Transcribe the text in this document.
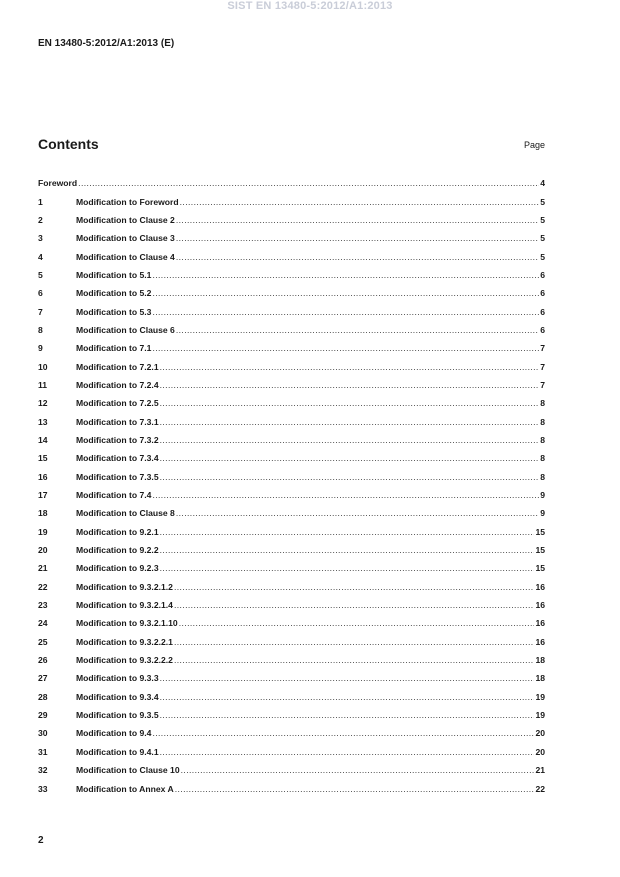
SIST EN 13480-5:2012/A1:2013
EN 13480-5:2012/A1:2013 (E)
Contents	Page
Foreword .....	4
1	Modification to Foreword .....	5
2	Modification to Clause 2 .....	5
3	Modification to Clause 3 .....	5
4	Modification to Clause 4 .....	5
5	Modification to 5.1 .....	6
6	Modification to 5.2 .....	6
7	Modification to 5.3 .....	6
8	Modification to Clause 6 .....	6
9	Modification to 7.1 .....	7
10	Modification to 7.2.1 .....	7
11	Modification to 7.2.4 .....	7
12	Modification to 7.2.5 .....	8
13	Modification to 7.3.1 .....	8
14	Modification to 7.3.2 .....	8
15	Modification to 7.3.4 .....	8
16	Modification to 7.3.5 .....	8
17	Modification to 7.4 .....	9
18	Modification to Clause 8 .....	9
19	Modification to 9.2.1 .....	15
20	Modification to 9.2.2 .....	15
21	Modification to 9.2.3 .....	15
22	Modification to 9.3.2.1.2 .....	16
23	Modification to 9.3.2.1.4 .....	16
24	Modification to 9.3.2.1.10 .....	16
25	Modification to 9.3.2.2.1 .....	16
26	Modification to 9.3.2.2.2 .....	18
27	Modification to 9.3.3 .....	18
28	Modification to 9.3.4 .....	19
29	Modification to 9.3.5 .....	19
30	Modification to 9.4 .....	20
31	Modification to 9.4.1 .....	20
32	Modification to Clause 10 .....	21
33	Modification to Annex A .....	22
2
